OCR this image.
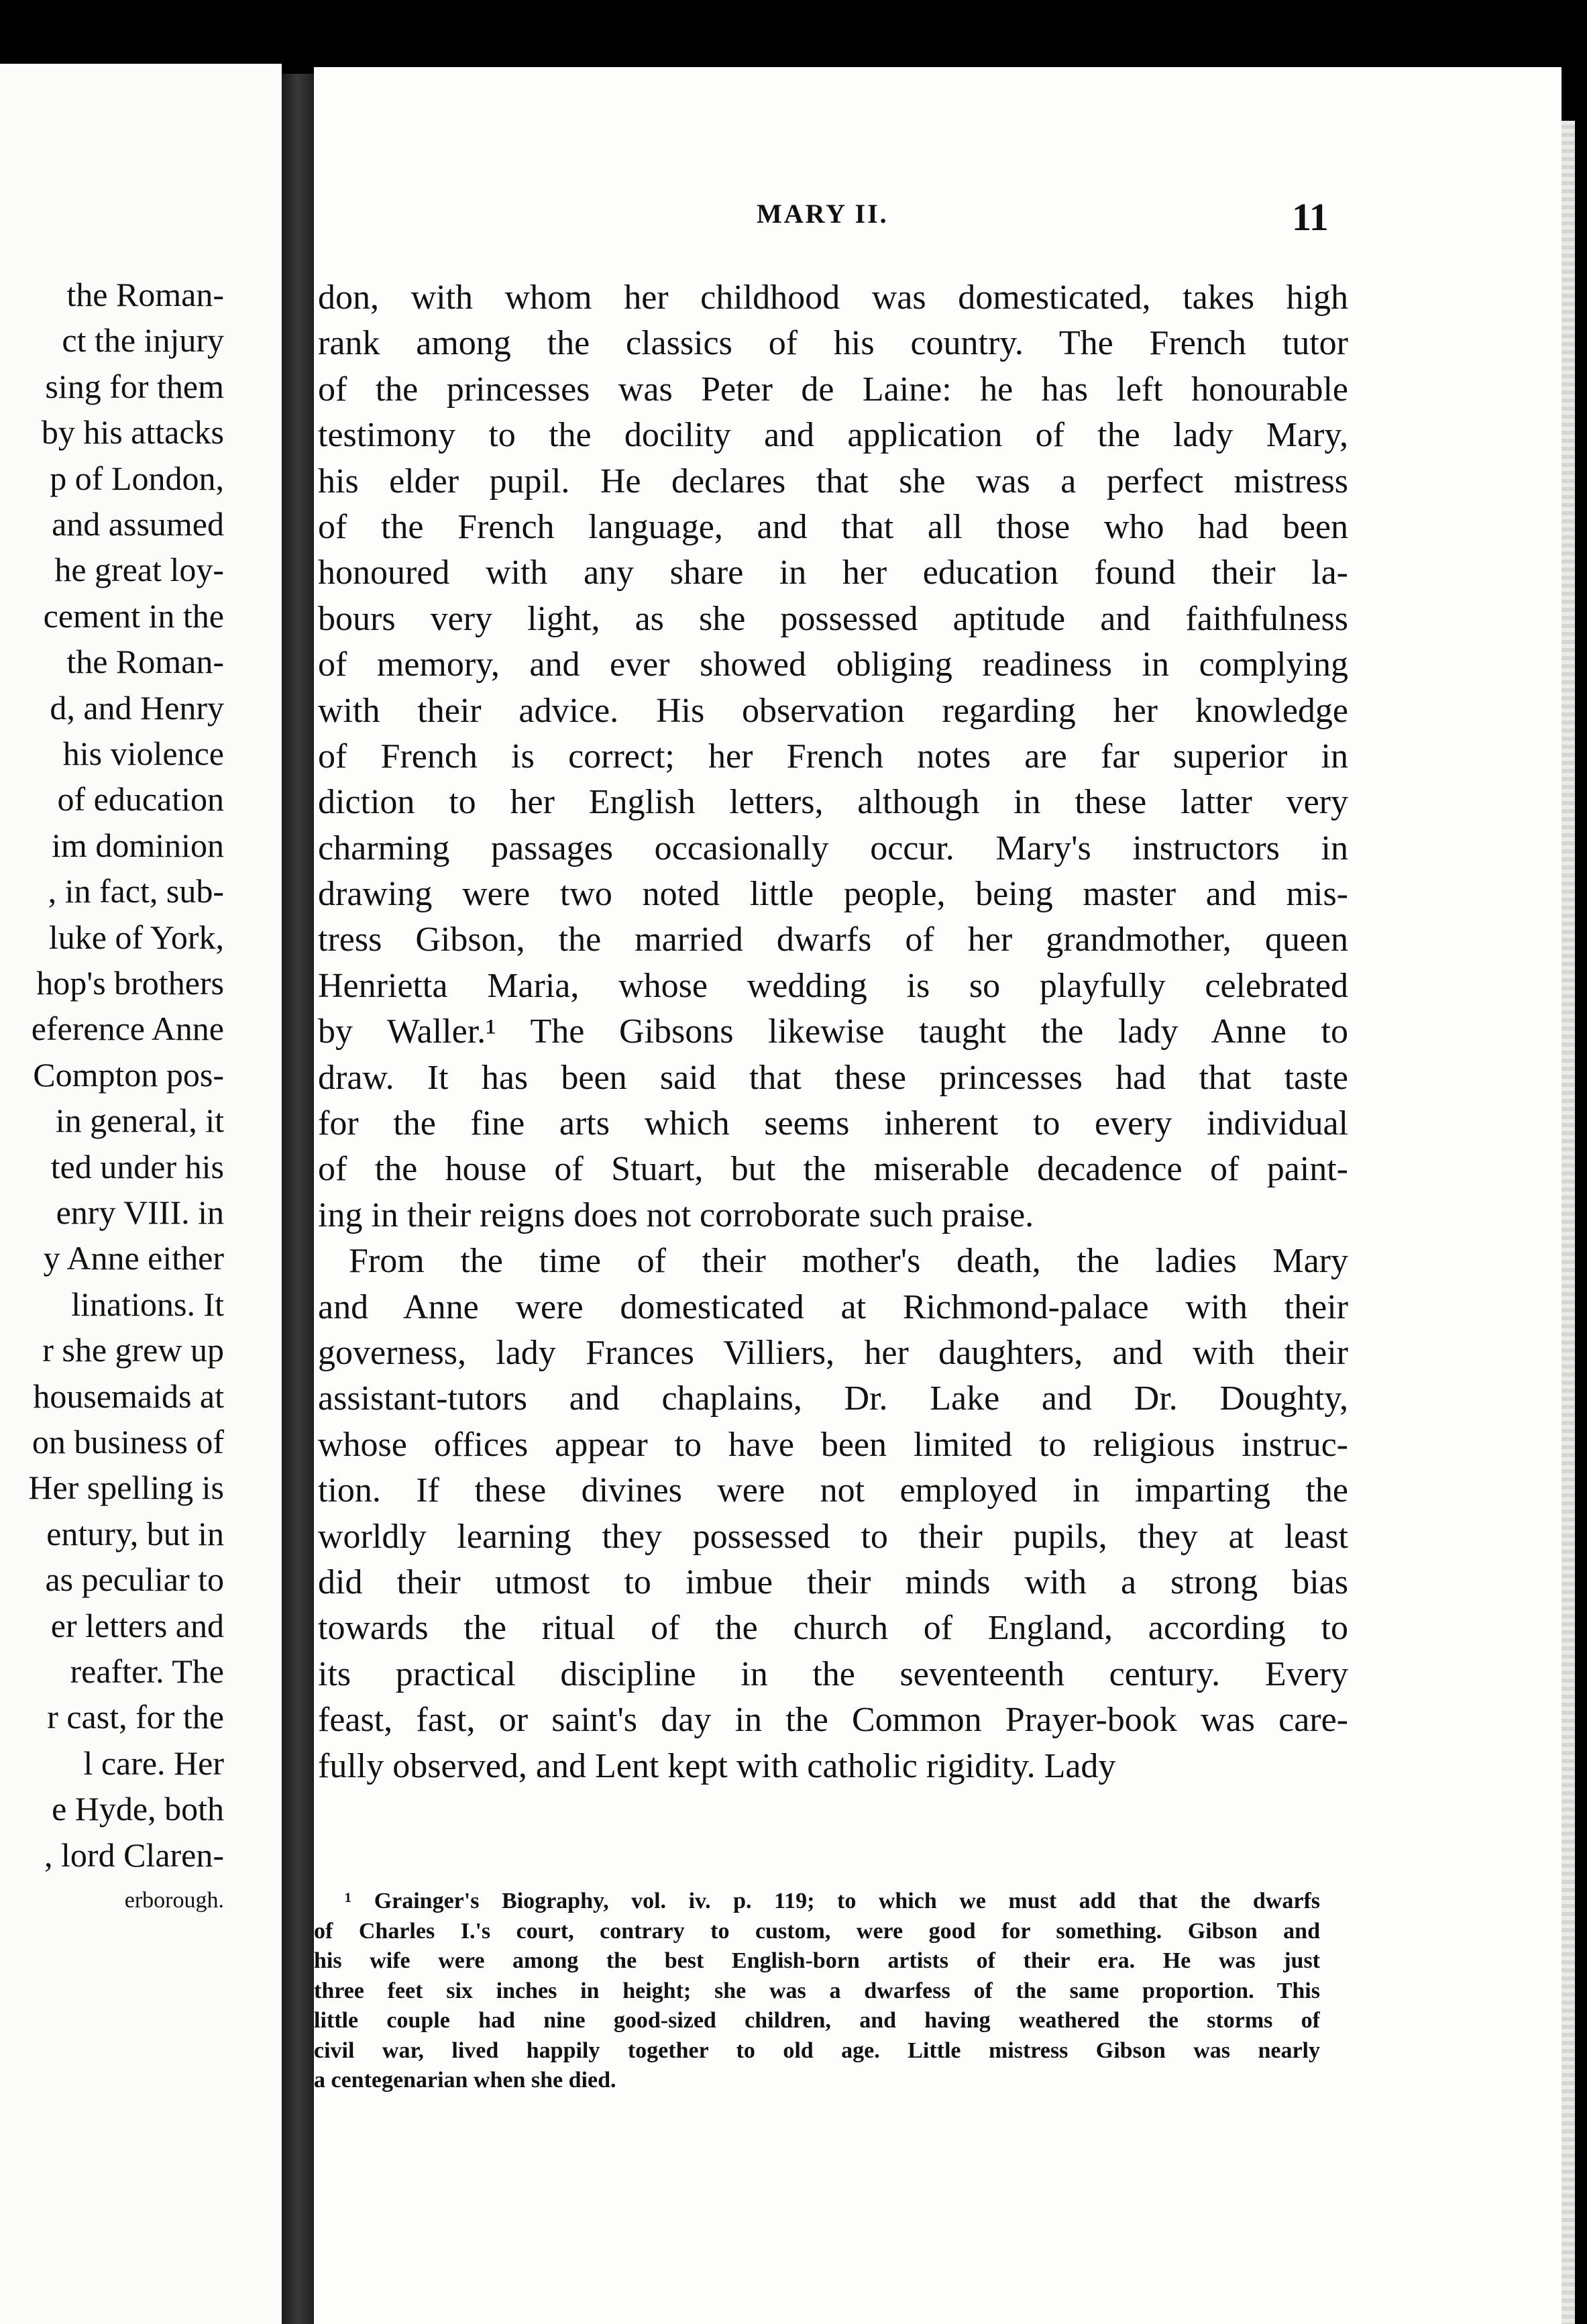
the Roman-
ct the injury
sing for them
by his attacks
p of London,
and assumed
he great loy-
cement in the
the Roman-
d, and Henry
his violence
of education
im dominion
, in fact, sub-
luke of York,
hop's brothers
eference Anne
Compton pos-
in general, it
ted under his
enry VIII. in
y Anne either
linations. It
r she grew up
housemaids at
on business of
Her spelling is
entury, but in
as peculiar to
er letters and
reafter. The
r cast, for the
l care. Her
e Hyde, both
, lord Claren-
erborough.
MARY II.	11
don, with whom her childhood was domesticated, takes high
rank among the classics of his country. The French tutor
of the princesses was Peter de Laine: he has left honourable
testimony to the docility and application of the lady Mary,
his elder pupil. He declares that she was a perfect mistress
of the French language, and that all those who had been
honoured with any share in her education found their la-
bours very light, as she possessed aptitude and faithfulness
of memory, and ever showed obliging readiness in complying
with their advice. His observation regarding her knowledge
of French is correct; her French notes are far superior in
diction to her English letters, although in these latter very
charming passages occasionally occur. Mary's instructors in
drawing were two noted little people, being master and mis-
tress Gibson, the married dwarfs of her grandmother, queen
Henrietta Maria, whose wedding is so playfully celebrated
by Waller.¹ The Gibsons likewise taught the lady Anne to
draw. It has been said that these princesses had that taste
for the fine arts which seems inherent to every individual
of the house of Stuart, but the miserable decadence of paint-
ing in their reigns does not corroborate such praise.
From the time of their mother's death, the ladies Mary
and Anne were domesticated at Richmond-palace with their
governess, lady Frances Villiers, her daughters, and with their
assistant-tutors and chaplains, Dr. Lake and Dr. Doughty,
whose offices appear to have been limited to religious instruc-
tion. If these divines were not employed in imparting the
worldly learning they possessed to their pupils, they at least
did their utmost to imbue their minds with a strong bias
towards the ritual of the church of England, according to
its practical discipline in the seventeenth century. Every
feast, fast, or saint's day in the Common Prayer-book was care-
fully observed, and Lent kept with catholic rigidity. Lady
¹ Grainger's Biography, vol. iv. p. 119; to which we must add that the dwarfs
of Charles I.'s court, contrary to custom, were good for something. Gibson and
his wife were among the best English-born artists of their era. He was just
three feet six inches in height; she was a dwarfess of the same proportion. This
little couple had nine good-sized children, and having weathered the storms of
civil war, lived happily together to old age. Little mistress Gibson was nearly
a centegenarian when she died.
